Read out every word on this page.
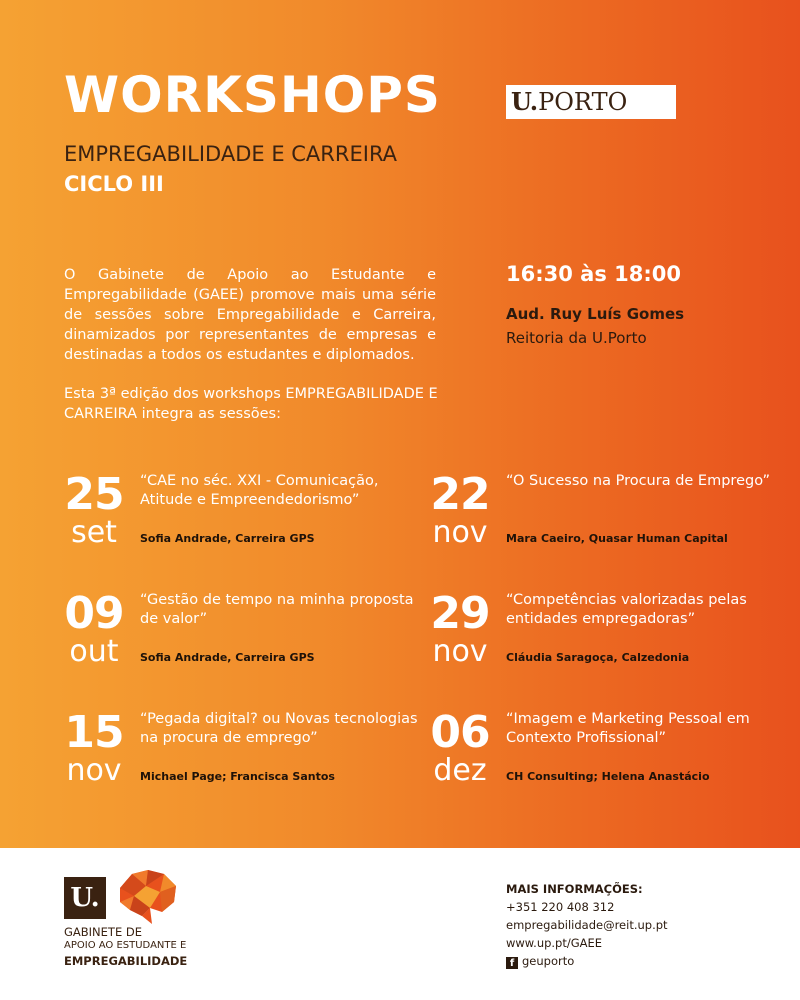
WORKSHOPS
EMPREGABILIDADE E CARREIRA
CICLO III
U.PORTO

O Gabinete de Apoio ao Estudante e Empregabilidade (GAEE) promove mais uma série de sessões sobre Empregabilidade e Carreira, dinamizados por representantes de empresas e destinadas a todos os estudantes e diplomados.

Esta 3ª edição dos workshops EMPREGABILIDADE E CARREIRA integra as sessões:
16:30 às 18:00
Aud. Ruy Luís Gomes
Reitoria da U.Porto
25
set
“CAE no séc. XXI - Comunicação, Atitude e Empreendedorismo”
Sofia Andrade, Carreira GPS
22
nov
“O Sucesso na Procura de Emprego”
Mara Caeiro, Quasar Human Capital
09
out
“Gestão de tempo na minha proposta de valor”
Sofia Andrade, Carreira GPS
29
nov
“Competências valorizadas pelas entidades empregadoras”
Cláudia Saragoça, Calzedonia
15
nov
“Pegada digital? ou Novas tecnologias na procura de emprego”
Michael Page; Francisca Santos
06
dez
“Imagem e Marketing Pessoal em Contexto Profissional”
CH Consulting; Helena Anastácio
U.
GABINETE DE
APOIO AO ESTUDANTE E
EMPREGABILIDADE
MAIS INFORMAÇÕES:
+351 220 408 312
empregabilidade@reit.up.pt
www.up.pt/GAEE
f geuporto
